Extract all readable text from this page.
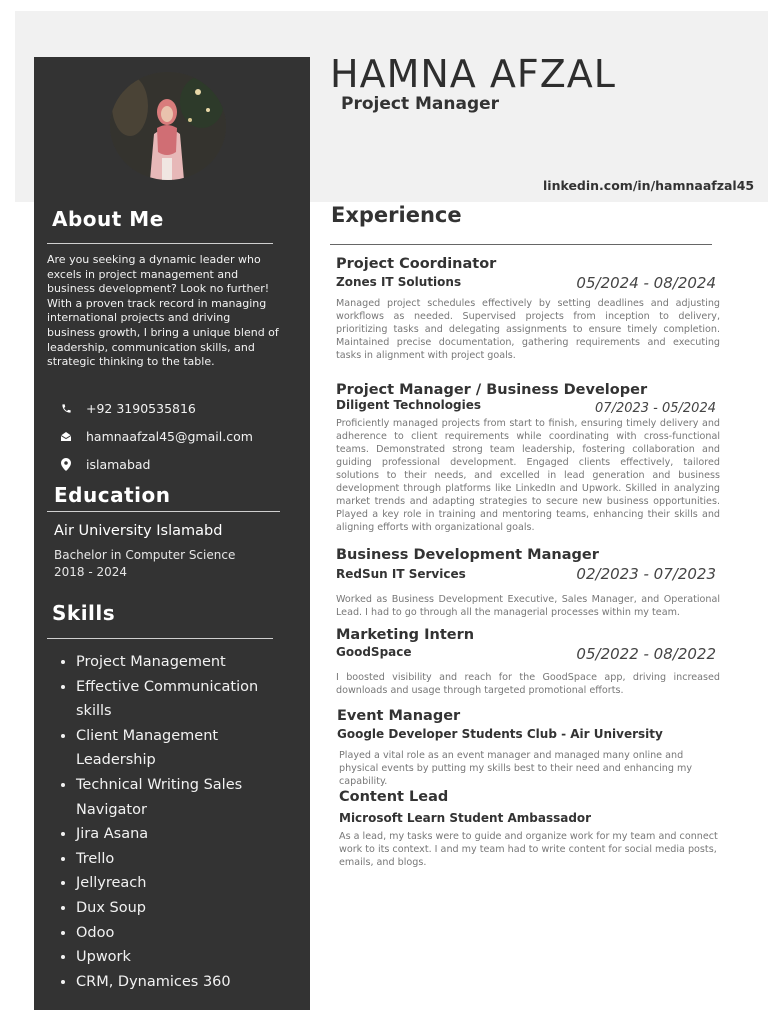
About Me
Are you seeking a dynamic leader who excels in project management and business development? Look no further! With a proven track record in managing international projects and driving business growth, I bring a unique blend of leadership, communication skills, and strategic thinking to the table.
+92 3190535816
hamnaafzal45@gmail.com
islamabad
Education
Air University Islamabd
Bachelor in Computer Science
2018 - 2024
Skills
• Project Management
• Effective Communication skills
• Client Management Leadership
• Technical Writing Sales Navigator
• Jira Asana
• Trello
• Jellyreach
• Dux Soup
• Odoo
• Upwork
• CRM, Dynamices 360
HAMNA AFZAL
Project Manager
linkedin.com/in/hamnaafzal45
Experience
Project Coordinator
Zones IT Solutions	05/2024 - 08/2024
Managed project schedules effectively by setting deadlines and adjusting workflows as needed. Supervised projects from inception to delivery, prioritizing tasks and delegating assignments to ensure timely completion. Maintained precise documentation, gathering requirements and executing tasks in alignment with project goals.
Project Manager / Business Developer
Diligent Technologies	07/2023 - 05/2024
Proficiently managed projects from start to finish, ensuring timely delivery and adherence to client requirements while coordinating with cross-functional teams. Demonstrated strong team leadership, fostering collaboration and guiding professional development. Engaged clients effectively, tailored solutions to their needs, and excelled in lead generation and business development through platforms like LinkedIn and Upwork. Skilled in analyzing market trends and adapting strategies to secure new business opportunities. Played a key role in training and mentoring teams, enhancing their skills and aligning efforts with organizational goals.
Business Development Manager
RedSun IT Services	02/2023 - 07/2023
Worked as Business Development Executive, Sales Manager, and Operational Lead. I had to go through all the managerial processes within my team.
Marketing Intern
GoodSpace	05/2022 - 08/2022
I boosted visibility and reach for the GoodSpace app, driving increased downloads and usage through targeted promotional efforts.
Event Manager
Google Developer Students Club - Air University
Played a vital role as an event manager and managed many online and physical events by putting my skills best to their need and enhancing my capability.
Content Lead
Microsoft Learn Student Ambassador
As a lead, my tasks were to guide and organize work for my team and connect work to its context. I and my team had to write content for social media posts, emails, and blogs.
